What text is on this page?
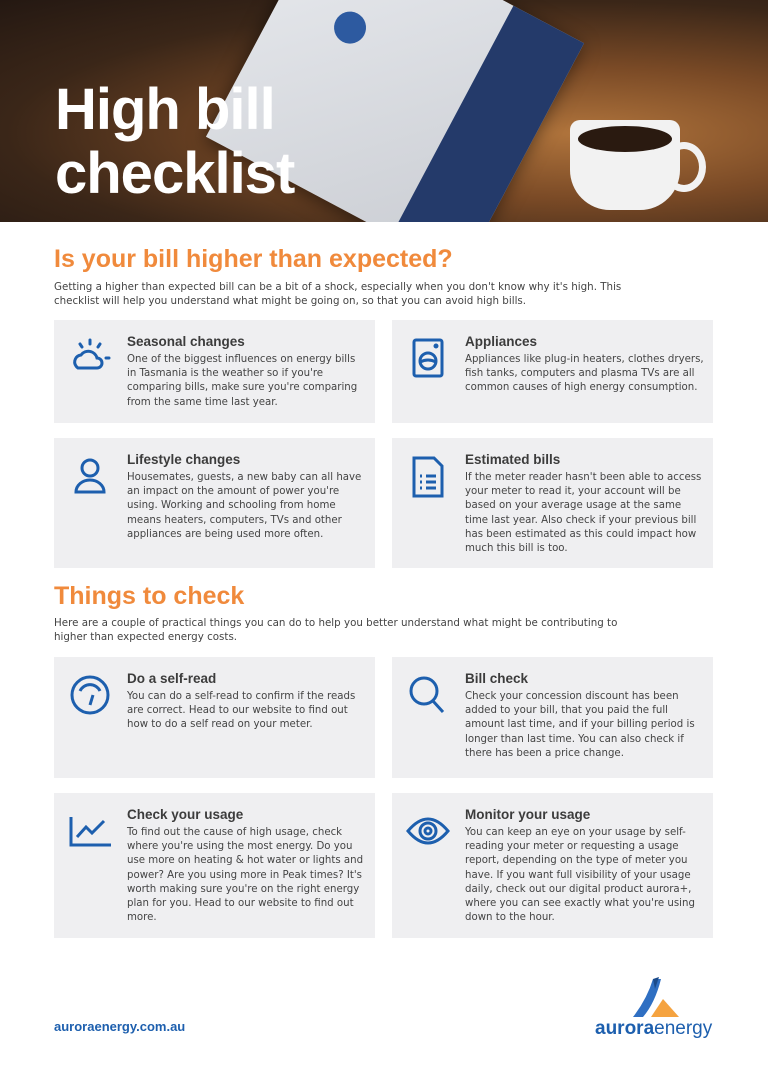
High bill
checklist
Is your bill higher than expected?

Getting a higher than expected bill can be a bit of a shock, especially when you don't know why it's high. This checklist will help you understand what might be going on, so that you can avoid high bills.

Seasonal changes

One of the biggest influences on energy bills in Tasmania is the weather so if you're comparing bills, make sure you're comparing from the same time last year.

Appliances

Appliances like plug-in heaters, clothes dryers, fish tanks, computers and plasma TVs are all common causes of high energy consumption.

Lifestyle changes

Housemates, guests, a new baby can all have an impact on the amount of power you're using. Working and schooling from home means heaters, computers, TVs and other appliances are being used more often.

Estimated bills

If the meter reader hasn't been able to access your meter to read it, your account will be based on your average usage at the same time last year. Also check if your previous bill has been estimated as this could impact how much this bill is too.

Things to check

Here are a couple of practical things you can do to help you better understand what might be contributing to higher than expected energy costs.

Do a self-read

You can do a self-read to confirm if the reads are correct. Head to our website to find out how to do a self read on your meter.

Bill check

Check your concession discount has been added to your bill, that you paid the full amount last time, and if your billing period is longer than last time. You can also check if there has been a price change.

Check your usage

To find out the cause of high usage, check where you're using the most energy. Do you use more on heating & hot water or lights and power? Are you using more in Peak times? It's worth making sure you're on the right energy plan for you. Head to our website to find out more.

Monitor your usage

You can keep an eye on your usage by self-reading your meter or requesting a usage report, depending on the type of meter you have. If you want full visibility of your usage daily, check out our digital product aurora+, where you can see exactly what you're using down to the hour.

auroraenergy.com.au	auroraenergy
